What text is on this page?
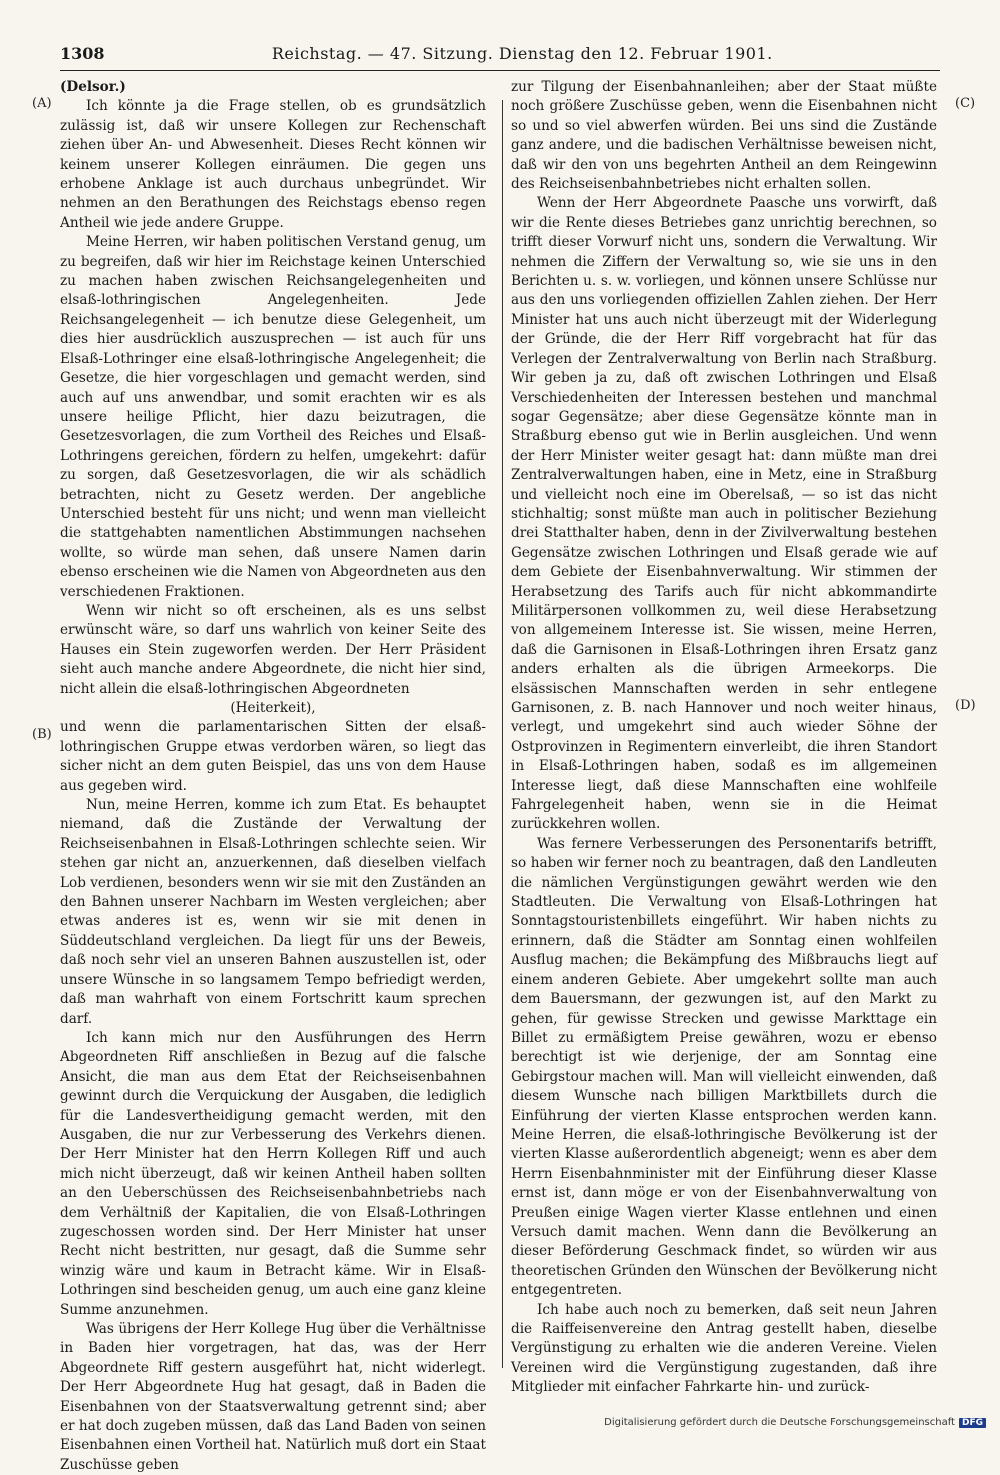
1308	Reichstag. — 47. Sitzung. Dienstag den 12. Februar 1901.
(A)
(B)
(C)
(D)

(Delsor.)

Ich könnte ja die Frage stellen, ob es grundsätzlich zulässig ist, daß wir unsere Kollegen zur Rechenschaft ziehen über An- und Abwesenheit. Dieses Recht können wir keinem unserer Kollegen einräumen. Die gegen uns erhobene Anklage ist auch durchaus unbegründet. Wir nehmen an den Berathungen des Reichstags ebenso regen Antheil wie jede andere Gruppe.

Meine Herren, wir haben politischen Verstand genug, um zu begreifen, daß wir hier im Reichstage keinen Unterschied zu machen haben zwischen Reichsangelegenheiten und elsaß-lothringischen Angelegenheiten. Jede Reichsangelegenheit — ich benutze diese Gelegenheit, um dies hier ausdrücklich auszusprechen — ist auch für uns Elsaß-Lothringer eine elsaß-lothringische Angelegenheit; die Gesetze, die hier vorgeschlagen und gemacht werden, sind auch auf uns anwendbar, und somit erachten wir es als unsere heilige Pflicht, hier dazu beizutragen, die Gesetzesvorlagen, die zum Vortheil des Reiches und Elsaß-Lothringens gereichen, fördern zu helfen, umgekehrt: dafür zu sorgen, daß Gesetzesvorlagen, die wir als schädlich betrachten, nicht zu Gesetz werden. Der angebliche Unterschied besteht für uns nicht; und wenn man vielleicht die stattgehabten namentlichen Abstimmungen nachsehen wollte, so würde man sehen, daß unsere Namen darin ebenso erscheinen wie die Namen von Abgeordneten aus den verschiedenen Fraktionen.

Wenn wir nicht so oft erscheinen, als es uns selbst erwünscht wäre, so darf uns wahrlich von keiner Seite des Hauses ein Stein zugeworfen werden. Der Herr Präsident sieht auch manche andere Abgeordnete, die nicht hier sind, nicht allein die elsaß-lothringischen Abgeordneten

(Heiterkeit),

und wenn die parlamentarischen Sitten der elsaß-lothringischen Gruppe etwas verdorben wären, so liegt das sicher nicht an dem guten Beispiel, das uns von dem Hause aus gegeben wird.

Nun, meine Herren, komme ich zum Etat. Es behauptet niemand, daß die Zustände der Verwaltung der Reichseisenbahnen in Elsaß-Lothringen schlechte seien. Wir stehen gar nicht an, anzuerkennen, daß dieselben vielfach Lob verdienen, besonders wenn wir sie mit den Zuständen an den Bahnen unserer Nachbarn im Westen vergleichen; aber etwas anderes ist es, wenn wir sie mit denen in Süddeutschland vergleichen. Da liegt für uns der Beweis, daß noch sehr viel an unseren Bahnen auszustellen ist, oder unsere Wünsche in so langsamem Tempo befriedigt werden, daß man wahrhaft von einem Fortschritt kaum sprechen darf.

Ich kann mich nur den Ausführungen des Herrn Abgeordneten Riff anschließen in Bezug auf die falsche Ansicht, die man aus dem Etat der Reichseisenbahnen gewinnt durch die Verquickung der Ausgaben, die lediglich für die Landesvertheidigung gemacht werden, mit den Ausgaben, die nur zur Verbesserung des Verkehrs dienen. Der Herr Minister hat den Herrn Kollegen Riff und auch mich nicht überzeugt, daß wir keinen Antheil haben sollten an den Ueberschüssen des Reichseisenbahnbetriebs nach dem Verhältniß der Kapitalien, die von Elsaß-Lothringen zugeschossen worden sind. Der Herr Minister hat unser Recht nicht bestritten, nur gesagt, daß die Summe sehr winzig wäre und kaum in Betracht käme. Wir in Elsaß-Lothringen sind bescheiden genug, um auch eine ganz kleine Summe anzunehmen.

Was übrigens der Herr Kollege Hug über die Verhältnisse in Baden hier vorgetragen, hat das, was der Herr Abgeordnete Riff gestern ausgeführt hat, nicht widerlegt. Der Herr Abgeordnete Hug hat gesagt, daß in Baden die Eisenbahnen von der Staatsverwaltung getrennt sind; aber er hat doch zugeben müssen, daß das Land Baden von seinen Eisenbahnen einen Vortheil hat. Natürlich muß dort ein Staat Zuschüsse geben

zur Tilgung der Eisenbahnanleihen; aber der Staat müßte noch größere Zuschüsse geben, wenn die Eisenbahnen nicht so und so viel abwerfen würden. Bei uns sind die Zustände ganz andere, und die badischen Verhältnisse beweisen nicht, daß wir den von uns begehrten Antheil an dem Reingewinn des Reichseisenbahnbetriebes nicht erhalten sollen.

Wenn der Herr Abgeordnete Paasche uns vorwirft, daß wir die Rente dieses Betriebes ganz unrichtig berechnen, so trifft dieser Vorwurf nicht uns, sondern die Verwaltung. Wir nehmen die Ziffern der Verwaltung so, wie sie uns in den Berichten u. s. w. vorliegen, und können unsere Schlüsse nur aus den uns vorliegenden offiziellen Zahlen ziehen. Der Herr Minister hat uns auch nicht überzeugt mit der Widerlegung der Gründe, die der Herr Riff vorgebracht hat für das Verlegen der Zentralverwaltung von Berlin nach Straßburg. Wir geben ja zu, daß oft zwischen Lothringen und Elsaß Verschiedenheiten der Interessen bestehen und manchmal sogar Gegensätze; aber diese Gegensätze könnte man in Straßburg ebenso gut wie in Berlin ausgleichen. Und wenn der Herr Minister weiter gesagt hat: dann müßte man drei Zentralverwaltungen haben, eine in Metz, eine in Straßburg und vielleicht noch eine im Oberelsaß, — so ist das nicht stichhaltig; sonst müßte man auch in politischer Beziehung drei Statthalter haben, denn in der Zivilverwaltung bestehen Gegensätze zwischen Lothringen und Elsaß gerade wie auf dem Gebiete der Eisenbahnverwaltung. Wir stimmen der Herabsetzung des Tarifs auch für nicht abkommandirte Militärpersonen vollkommen zu, weil diese Herabsetzung von allgemeinem Interesse ist. Sie wissen, meine Herren, daß die Garnisonen in Elsaß-Lothringen ihren Ersatz ganz anders erhalten als die übrigen Armeekorps. Die elsässischen Mannschaften werden in sehr entlegene Garnisonen, z. B. nach Hannover und noch weiter hinaus, verlegt, und umgekehrt sind auch wieder Söhne der Ostprovinzen in Regimentern einverleibt, die ihren Standort in Elsaß-Lothringen haben, sodaß es im allgemeinen Interesse liegt, daß diese Mannschaften eine wohlfeile Fahrgelegenheit haben, wenn sie in die Heimat zurückkehren wollen.

Was fernere Verbesserungen des Personentarifs betrifft, so haben wir ferner noch zu beantragen, daß den Landleuten die nämlichen Vergünstigungen gewährt werden wie den Stadtleuten. Die Verwaltung von Elsaß-Lothringen hat Sonntagstouristenbillets eingeführt. Wir haben nichts zu erinnern, daß die Städter am Sonntag einen wohlfeilen Ausflug machen; die Bekämpfung des Mißbrauchs liegt auf einem anderen Gebiete. Aber umgekehrt sollte man auch dem Bauersmann, der gezwungen ist, auf den Markt zu gehen, für gewisse Strecken und gewisse Markttage ein Billet zu ermäßigtem Preise gewähren, wozu er ebenso berechtigt ist wie derjenige, der am Sonntag eine Gebirgstour machen will. Man will vielleicht einwenden, daß diesem Wunsche nach billigen Marktbillets durch die Einführung der vierten Klasse entsprochen werden kann. Meine Herren, die elsaß-lothringische Bevölkerung ist der vierten Klasse außerordentlich abgeneigt; wenn es aber dem Herrn Eisenbahnminister mit der Einführung dieser Klasse ernst ist, dann möge er von der Eisenbahnverwaltung von Preußen einige Wagen vierter Klasse entlehnen und einen Versuch damit machen. Wenn dann die Bevölkerung an dieser Beförderung Geschmack findet, so würden wir aus theoretischen Gründen den Wünschen der Bevölkerung nicht entgegentreten.

Ich habe auch noch zu bemerken, daß seit neun Jahren die Raiffeisenvereine den Antrag gestellt haben, dieselbe Vergünstigung zu erhalten wie die anderen Vereine. Vielen Vereinen wird die Vergünstigung zugestanden, daß ihre Mitglieder mit einfacher Fahrkarte hin- und zurück-

Digitalisierung gefördert durch die Deutsche Forschungsgemeinschaft DFG
